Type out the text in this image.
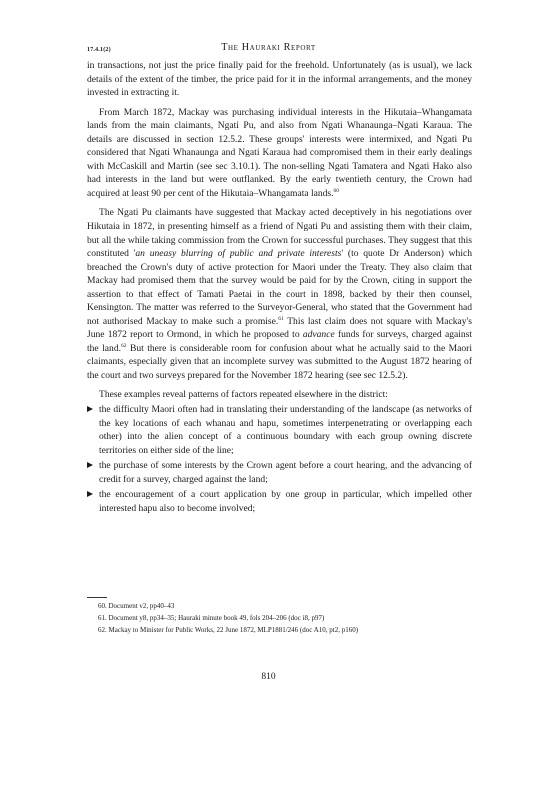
The Hauraki Report
17.4.1(2)

in transactions, not just the price finally paid for the freehold. Unfortunately (as is usual), we lack details of the extent of the timber, the price paid for it in the informal arrangements, and the money invested in extracting it.

From March 1872, Mackay was purchasing individual interests in the Hikutaia–Whangamata lands from the main claimants, Ngati Pu, and also from Ngati Whanaunga–Ngati Karaua. The details are discussed in section 12.5.2. These groups' interests were intermixed, and Ngati Pu considered that Ngati Whanaunga and Ngati Karaua had compromised them in their early dealings with McCaskill and Martin (see sec 3.10.1). The non-selling Ngati Tamatera and Ngati Hako also had interests in the land but were outflanked. By the early twentieth century, the Crown had acquired at least 90 per cent of the Hikutaia–Whangamata lands.$^{60}$

The Ngati Pu claimants have suggested that Mackay acted deceptively in his negotiations over Hikutaia in 1872, in presenting himself as a friend of Ngati Pu and assisting them with their claim, but all the while taking commission from the Crown for successful purchases. They suggest that this constituted 'an uneasy blurring of public and private interests' (to quote Dr Anderson) which breached the Crown's duty of active protection for Maori under the Treaty. They also claim that Mackay had promised them that the survey would be paid for by the Crown, citing in support the assertion to that effect of Tamati Paetai in the court in 1898, backed by their then counsel, Kensington. The matter was referred to the Surveyor-General, who stated that the Government had not authorised Mackay to make such a promise.$^{61}$ This last claim does not square with Mackay's June 1872 report to Ormond, in which he proposed to advance funds for surveys, charged against the land.$^{62}$ But there is considerable room for confusion about what he actually said to the Maori claimants, especially given that an incomplete survey was submitted to the August 1872 hearing of the court and two surveys prepared for the November 1872 hearing (see sec 12.5.2).

These examples reveal patterns of factors repeated elsewhere in the district:

the difficulty Maori often had in translating their understanding of the landscape (as networks of the key locations of each whanau and hapu, sometimes interpenetrating or overlapping each other) into the alien concept of a continuous boundary with each group owning discrete territories on either side of the line;
the purchase of some interests by the Crown agent before a court hearing, and the advancing of credit for a survey, charged against the land;
the encouragement of a court application by one group in particular, which impelled other interested hapu also to become involved;
60. Document v2, pp40–43
61. Document y8, pp34–35; Hauraki minute book 49, fols 204–206 (doc i8, p97)
62. Mackay to Minister for Public Works, 22 June 1872, MLP1881/246 (doc A10, pt2, p160)
810
